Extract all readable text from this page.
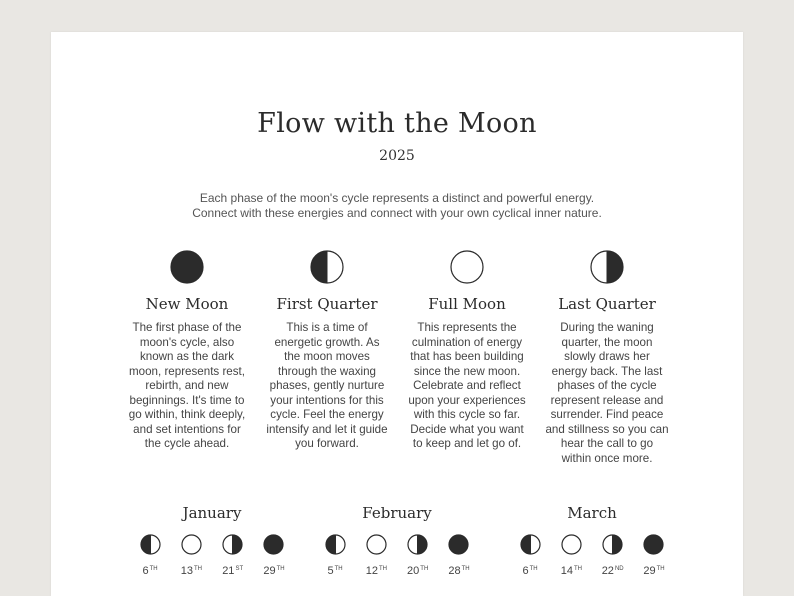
Flow with the Moon
2025
Each phase of the moon's cycle represents a distinct and powerful energy.
Connect with these energies and connect with your own cyclical inner nature.
New Moon
The first phase of the moon's cycle, also known as the dark moon, represents rest, rebirth, and new beginnings. It's time to go within, think deeply, and set intentions for the cycle ahead.
First Quarter
This is a time of energetic growth. As the moon moves through the waxing phases, gently nurture your intentions for this cycle. Feel the energy intensify and let it guide you forward.
Full Moon
This represents the culmination of energy that has been building since the new moon. Celebrate and reflect upon your experiences with this cycle so far. Decide what you want to keep and let go of.
Last Quarter
During the waning quarter, the moon slowly draws her energy back. The last phases of the cycle represent release and surrender. Find peace and stillness so you can hear the call to go within once more.
January
6TH	13TH 21ST 29TH
February
5TH	12TH 20TH 28TH
March
6TH	14TH 22ND 29TH
